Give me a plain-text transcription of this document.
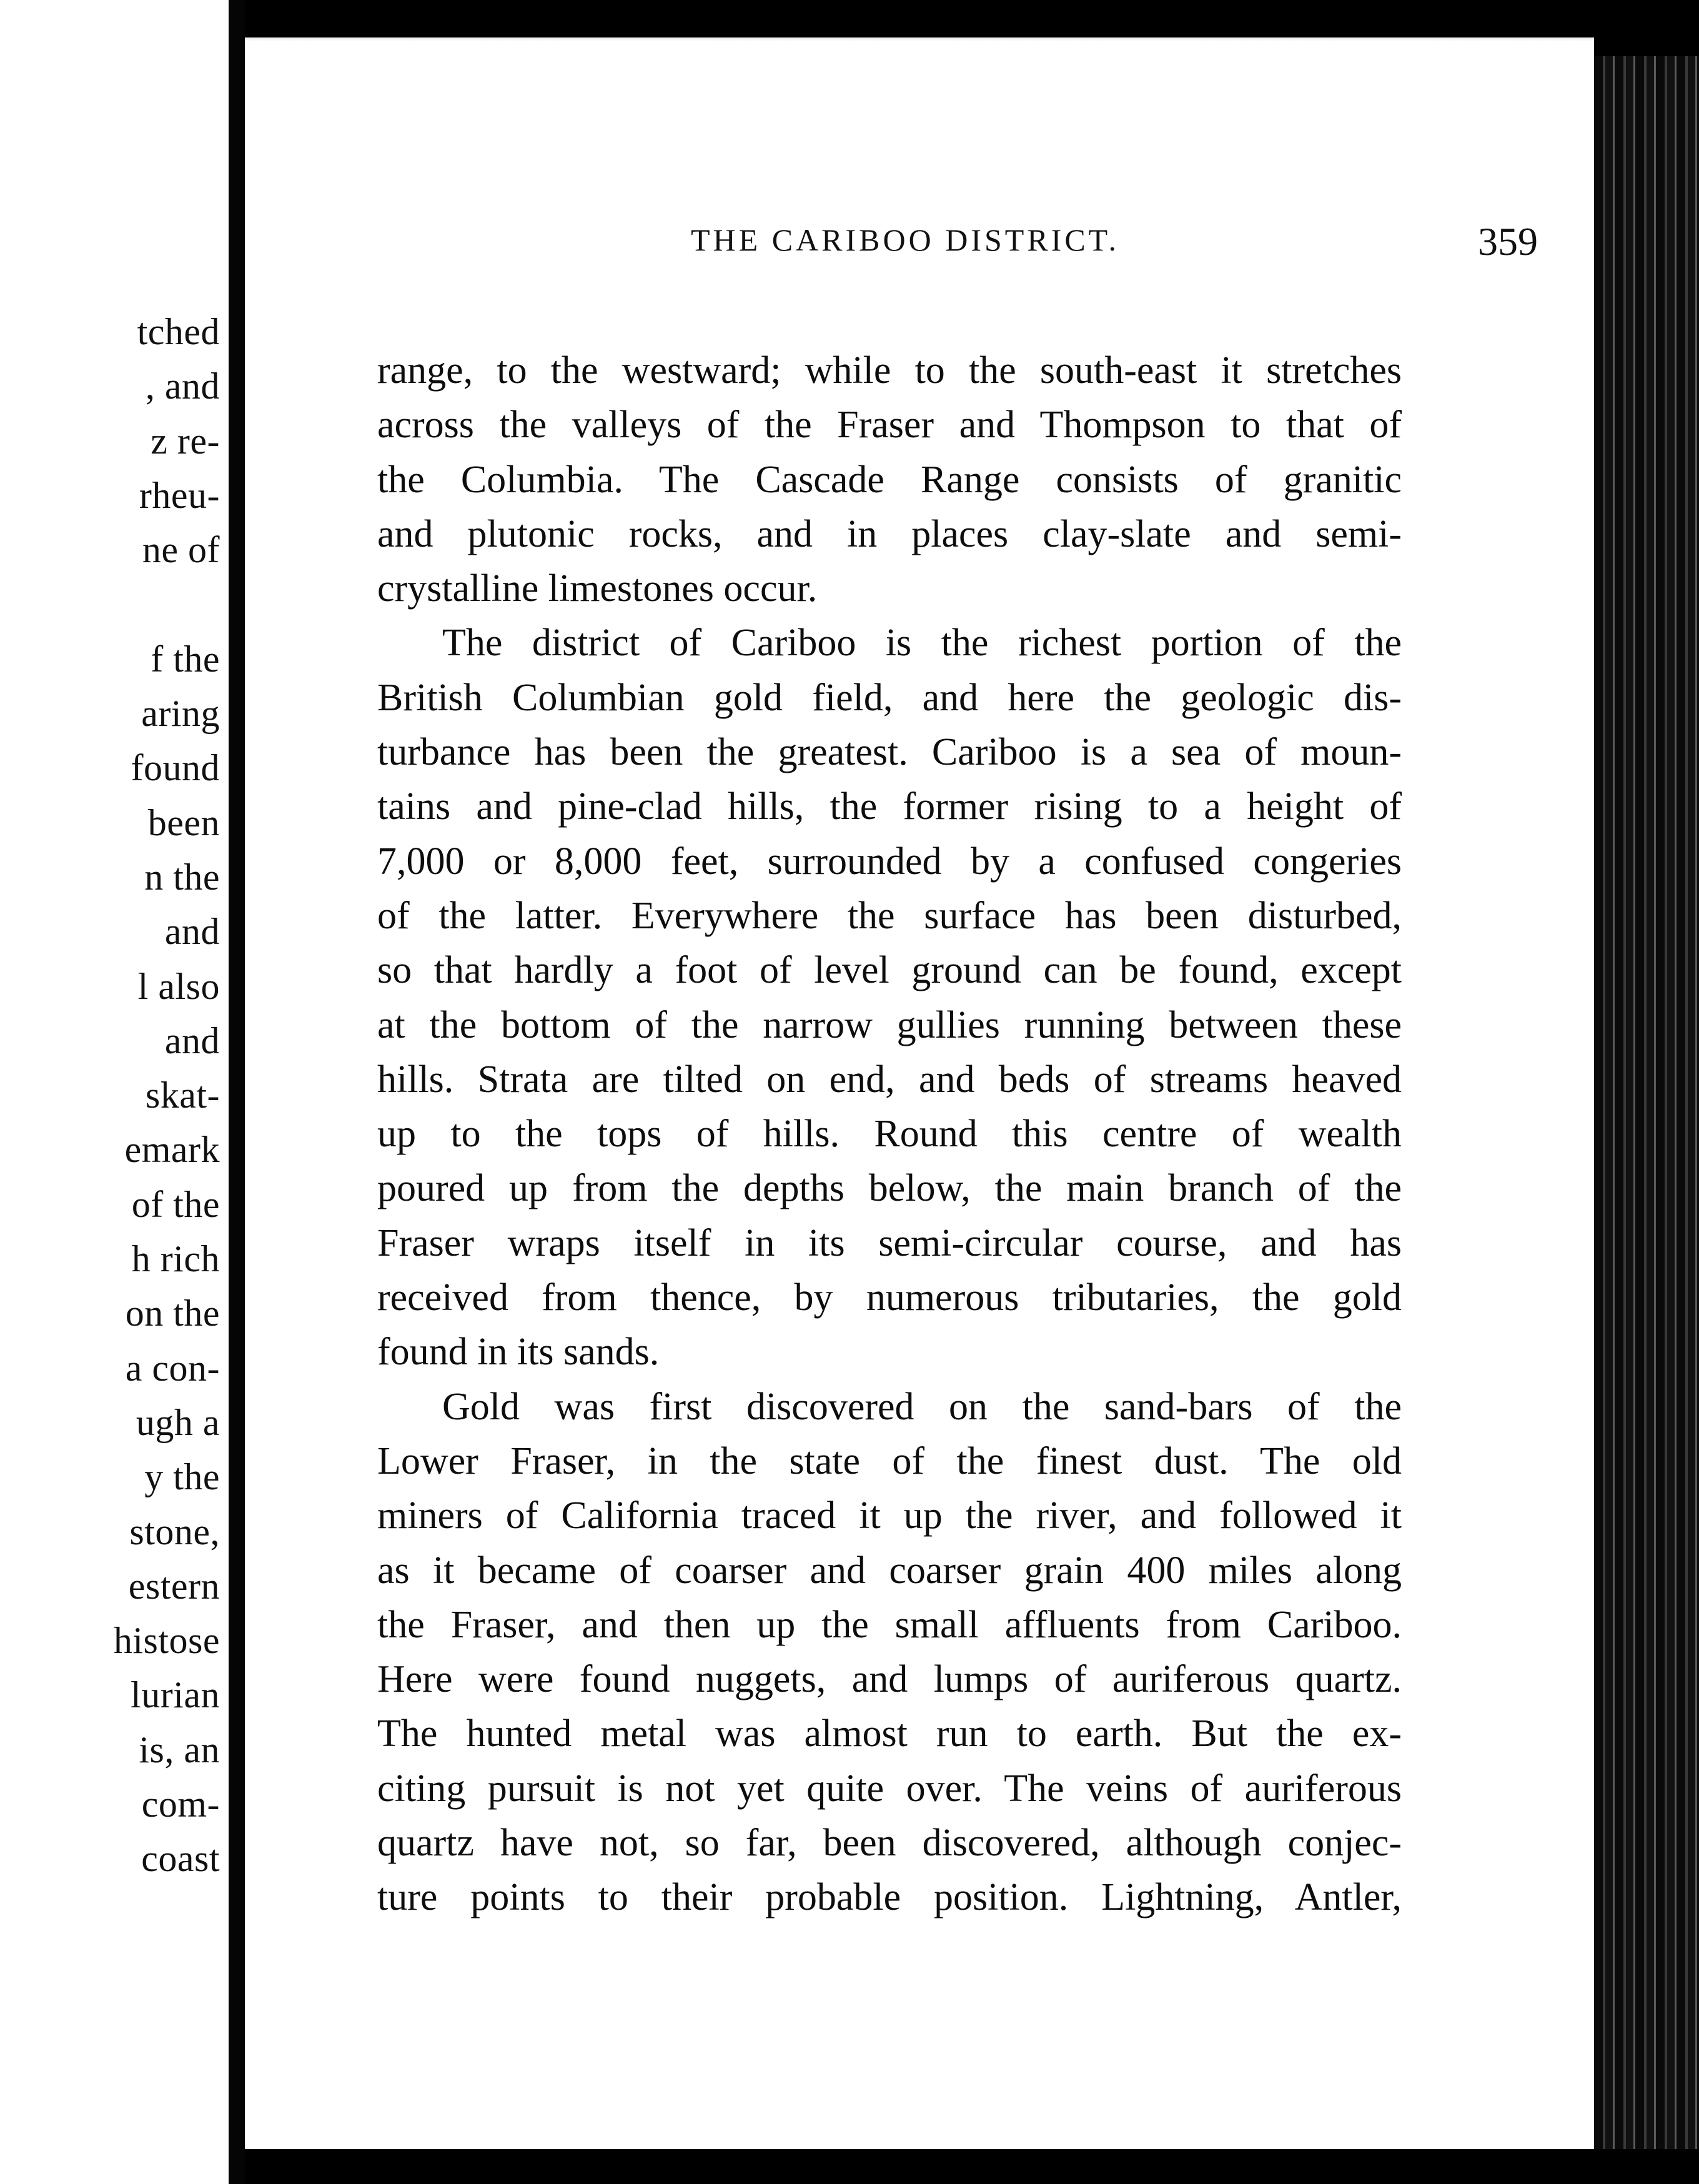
tched
, and
z re-
rheu-
ne of
f the
aring
found
been
n the
and
l also
and
skat-
emark
of the
h rich
on the
a con-
ugh a
y the
stone,
estern
histose
lurian
is, an
com-
coast
THE CARIBOO DISTRICT.	359
range, to the westward; while to the south-east it stretches
across the valleys of the Fraser and Thompson to that of
the Columbia. The Cascade Range consists of granitic
and plutonic rocks, and in places clay-slate and semi-
crystalline limestones occur.
The district of Cariboo is the richest portion of the
British Columbian gold field, and here the geologic dis-
turbance has been the greatest. Cariboo is a sea of moun-
tains and pine-clad hills, the former rising to a height of
7,000 or 8,000 feet, surrounded by a confused congeries
of the latter. Everywhere the surface has been disturbed,
so that hardly a foot of level ground can be found, except
at the bottom of the narrow gullies running between these
hills. Strata are tilted on end, and beds of streams heaved
up to the tops of hills. Round this centre of wealth
poured up from the depths below, the main branch of the
Fraser wraps itself in its semi-circular course, and has
received from thence, by numerous tributaries, the gold
found in its sands.
Gold was first discovered on the sand-bars of the
Lower Fraser, in the state of the finest dust. The old
miners of California traced it up the river, and followed it
as it became of coarser and coarser grain 400 miles along
the Fraser, and then up the small affluents from Cariboo.
Here were found nuggets, and lumps of auriferous quartz.
The hunted metal was almost run to earth. But the ex-
citing pursuit is not yet quite over. The veins of auriferous
quartz have not, so far, been discovered, although conjec-
ture points to their probable position. Lightning, Antler,
